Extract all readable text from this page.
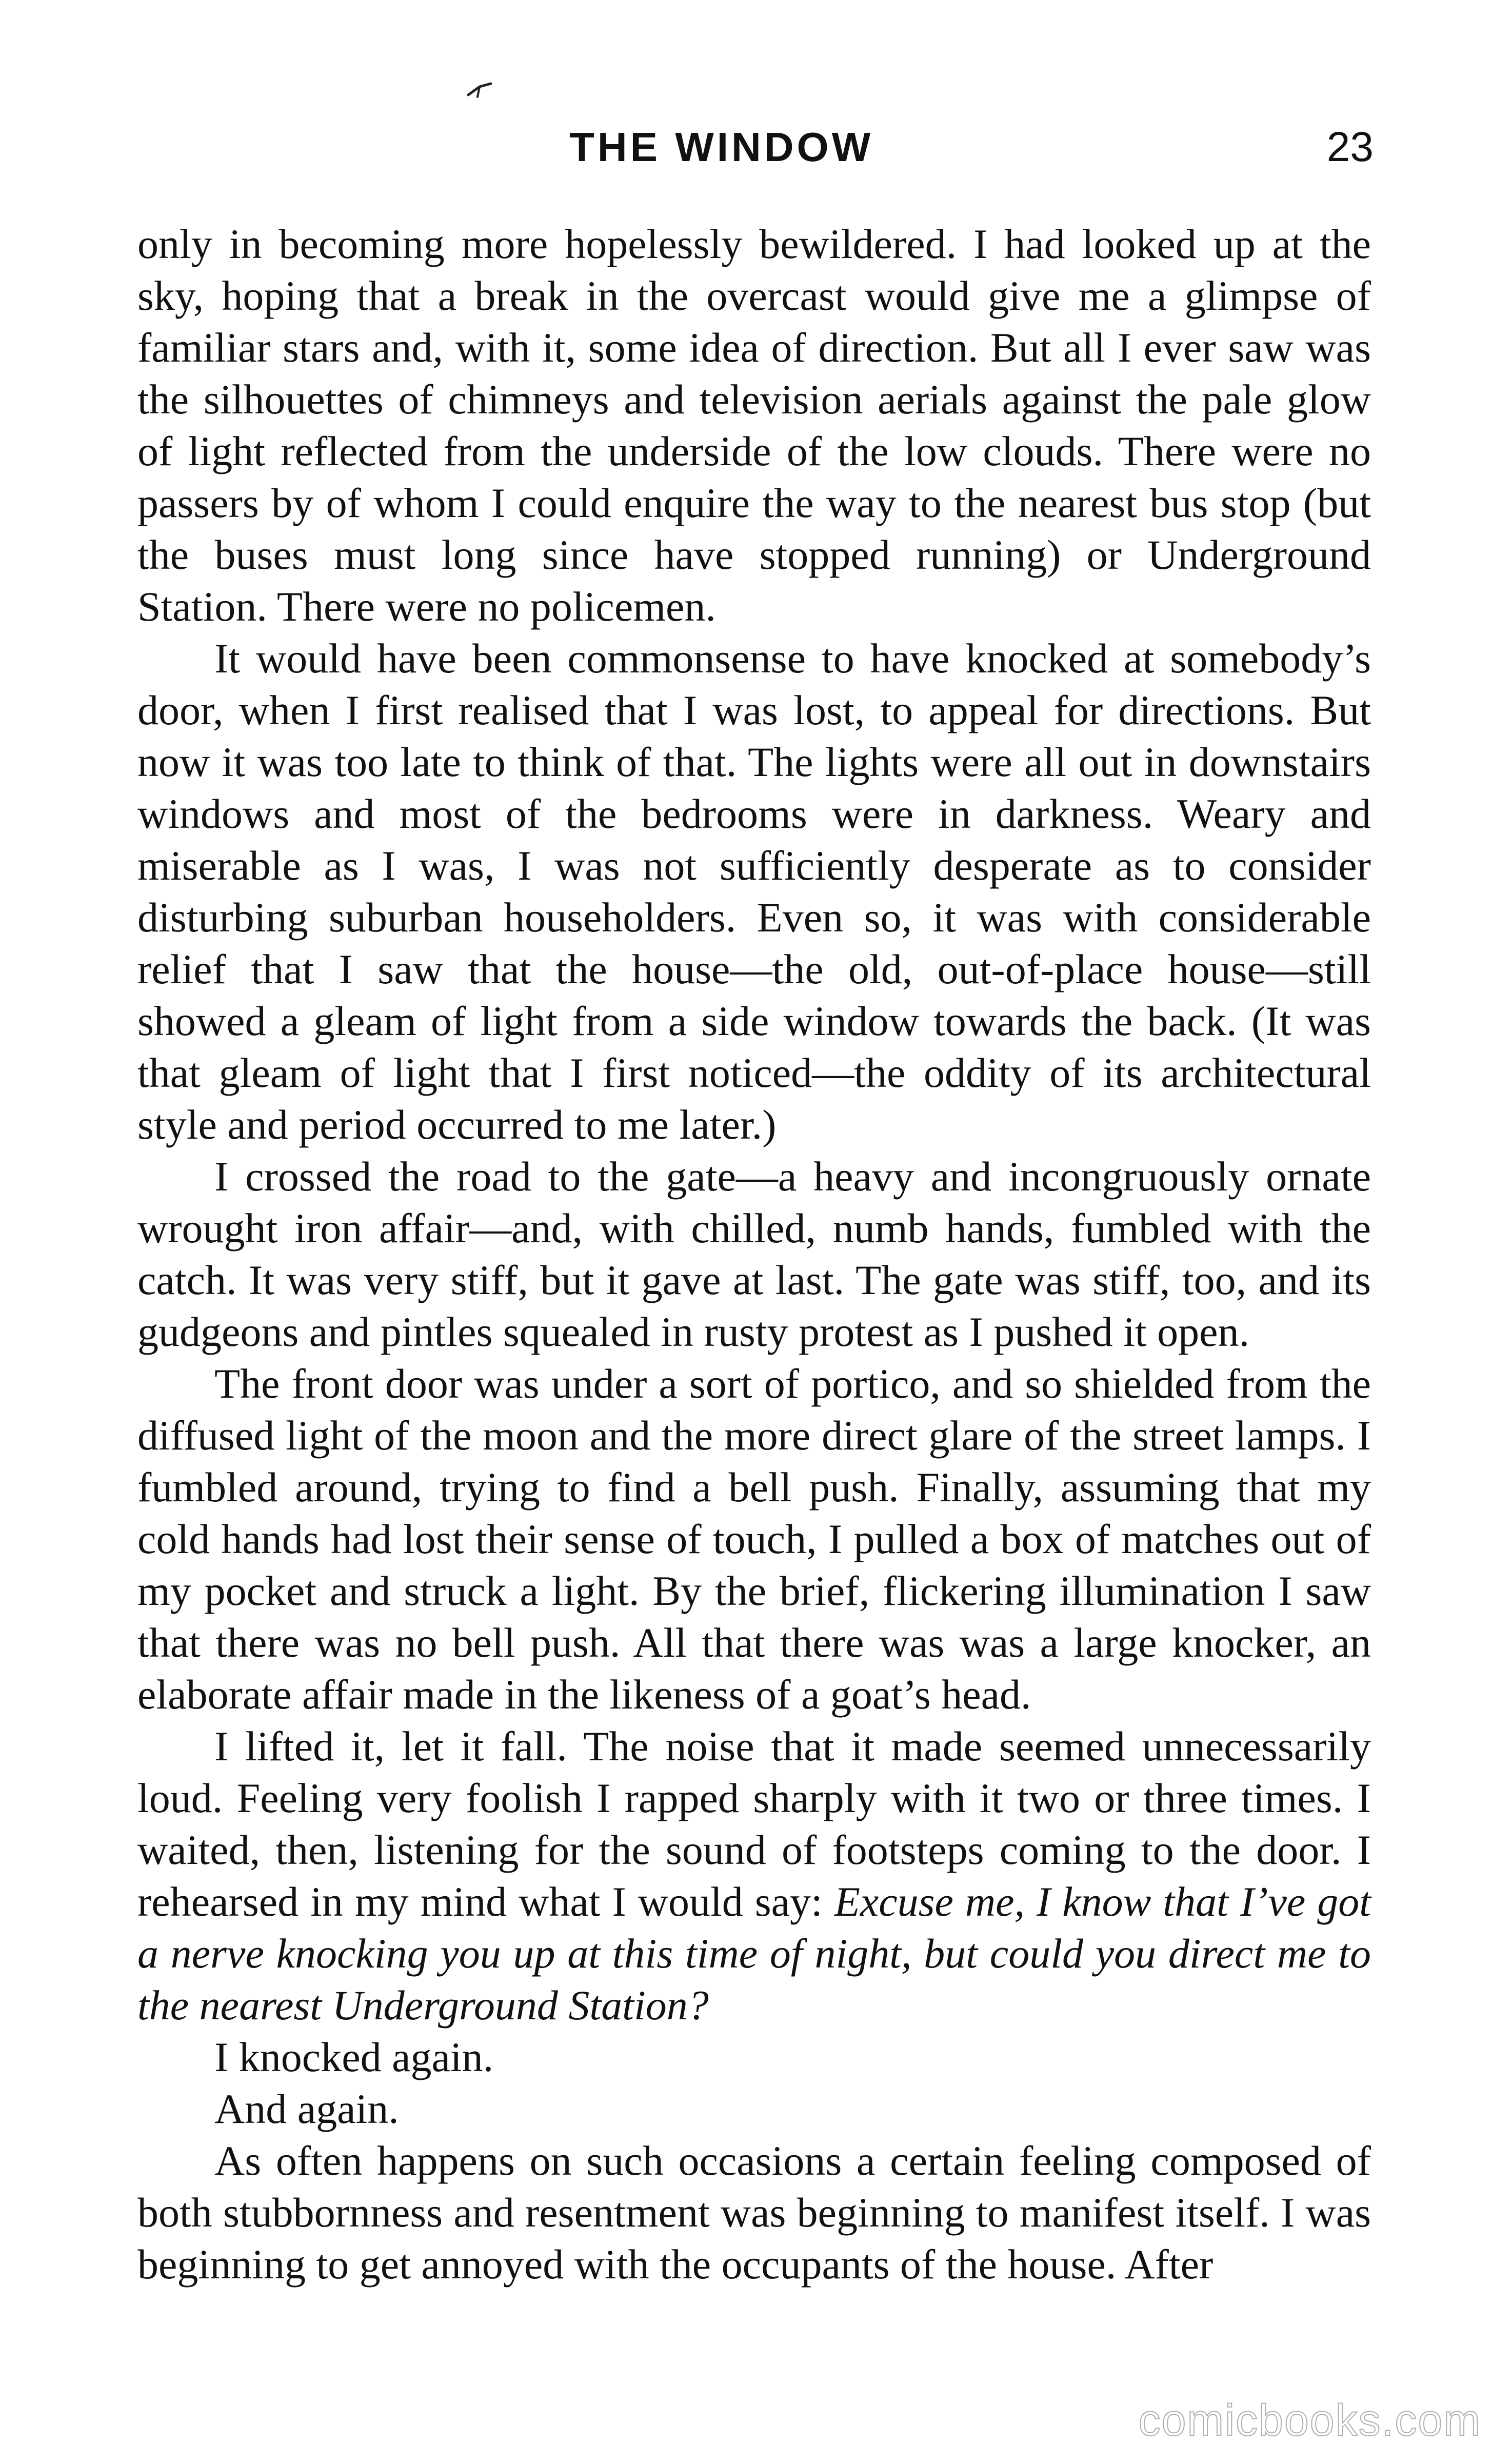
THE WINDOW	23

only in becoming more hopelessly bewildered. I had looked up at the sky, hoping that a break in the overcast would give me a glimpse of familiar stars and, with it, some idea of direction. But all I ever saw was the silhouettes of chimneys and television aerials against the pale glow of light reflected from the underside of the low clouds. There were no passers by of whom I could enquire the way to the nearest bus stop (but the buses must long since have stopped running) or Underground Station. There were no policemen.

It would have been commonsense to have knocked at somebody’s door, when I first realised that I was lost, to appeal for directions. But now it was too late to think of that. The lights were all out in downstairs windows and most of the bedrooms were in darkness. Weary and miserable as I was, I was not sufficiently desperate as to consider disturbing suburban householders. Even so, it was with considerable relief that I saw that the house—the old, out-of-place house—still showed a gleam of light from a side window towards the back. (It was that gleam of light that I first noticed—the oddity of its architectural style and period occurred to me later.)

I crossed the road to the gate—a heavy and incongruously ornate wrought iron affair—and, with chilled, numb hands, fumbled with the catch. It was very stiff, but it gave at last. The gate was stiff, too, and its gudgeons and pintles squealed in rusty protest as I pushed it open.

The front door was under a sort of portico, and so shielded from the diffused light of the moon and the more direct glare of the street lamps. I fumbled around, trying to find a bell push. Finally, assuming that my cold hands had lost their sense of touch, I pulled a box of matches out of my pocket and struck a light. By the brief, flickering illumination I saw that there was no bell push. All that there was was a large knocker, an elaborate affair made in the likeness of a goat’s head.

I lifted it, let it fall. The noise that it made seemed unnecessarily loud. Feeling very foolish I rapped sharply with it two or three times. I waited, then, listening for the sound of footsteps coming to the door. I rehearsed in my mind what I would say: Excuse me, I know that I’ve got a nerve knocking you up at this time of night, but could you direct me to the nearest Underground Station?

I knocked again.

And again.

As often happens on such occasions a certain feeling composed of both stubbornness and resentment was beginning to manifest itself. I was beginning to get annoyed with the occupants of the house. After

comicbooks.com
